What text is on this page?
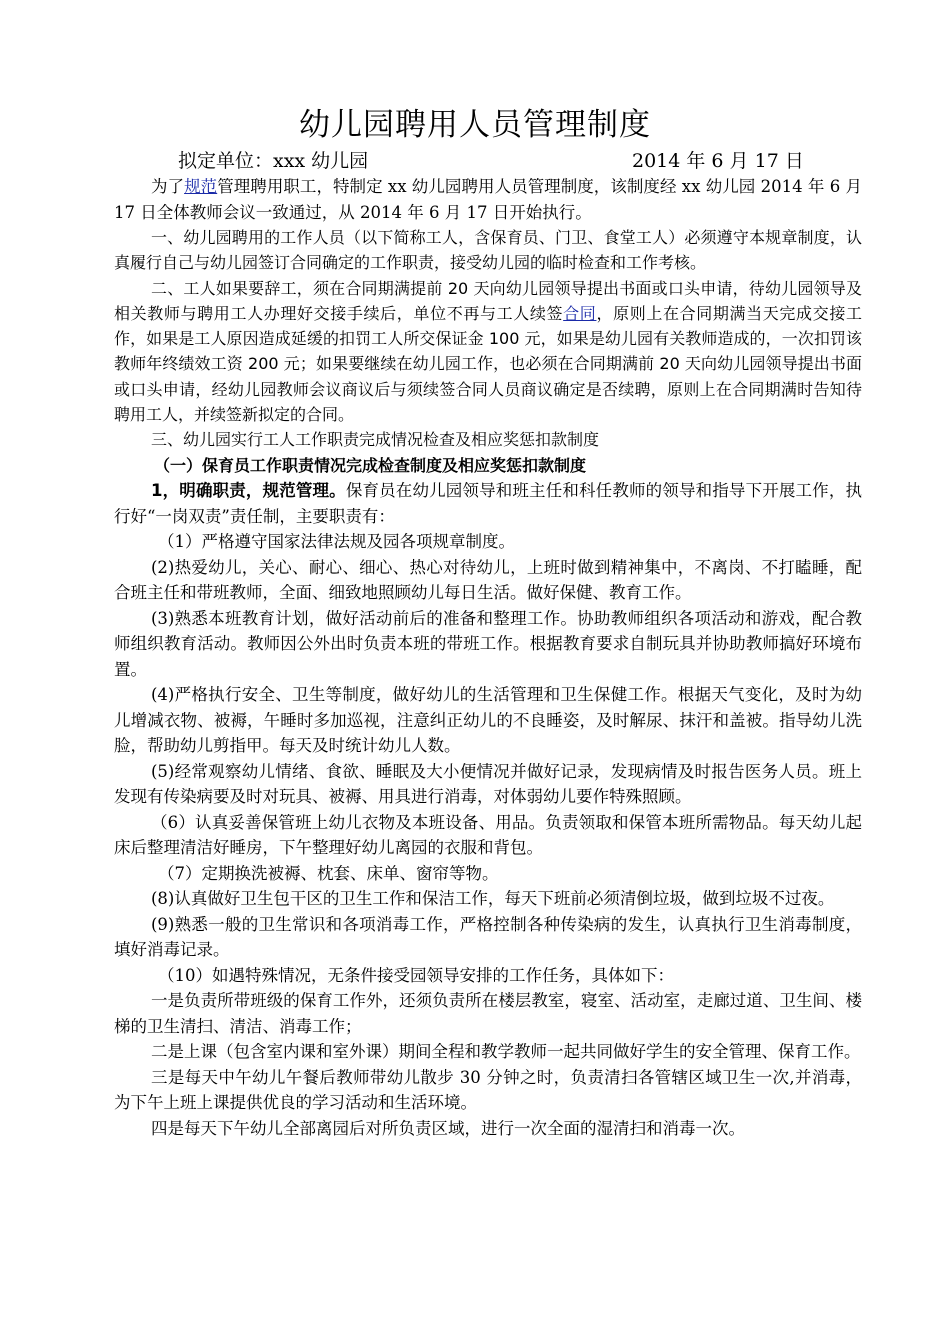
幼儿园聘用人员管理制度
拟定单位：xxx 幼儿园	2014 年 6 月 17 日

为了规范管理聘用职工，特制定 xx 幼儿园聘用人员管理制度，该制度经 xx 幼儿园 2014 年 6 月 17 日全体教师会议一致通过，从 2014 年 6 月 17 日开始执行。

一、幼儿园聘用的工作人员（以下简称工人，含保育员、门卫、食堂工人）必须遵守本规章制度，认真履行自己与幼儿园签订合同确定的工作职责，接受幼儿园的临时检查和工作考核。

二、工人如果要辞工，须在合同期满提前 20 天向幼儿园领导提出书面或口头申请，待幼儿园领导及相关教师与聘用工人办理好交接手续后，单位不再与工人续签合同，原则上在合同期满当天完成交接工作，如果是工人原因造成延缓的扣罚工人所交保证金 100 元，如果是幼儿园有关教师造成的，一次扣罚该教师年终绩效工资 200 元；如果要继续在幼儿园工作，也必须在合同期满前 20 天向幼儿园领导提出书面或口头申请，经幼儿园教师会议商议后与须续签合同人员商议确定是否续聘，原则上在合同期满时告知待聘用工人，并续签新拟定的合同。

三、幼儿园实行工人工作职责完成情况检查及相应奖惩扣款制度

（一）保育员工作职责情况完成检查制度及相应奖惩扣款制度

1，明确职责，规范管理。保育员在幼儿园领导和班主任和科任教师的领导和指导下开展工作，执行好“一岗双责”责任制，主要职责有：

（1）严格遵守国家法律法规及园各项规章制度。

(2)热爱幼儿，关心、耐心、细心、热心对待幼儿，上班时做到精神集中，不离岗、不打瞌睡，配合班主任和带班教师，全面、细致地照顾幼儿每日生活。做好保健、教育工作。

(3)熟悉本班教育计划，做好活动前后的准备和整理工作。协助教师组织各项活动和游戏，配合教师组织教育活动。教师因公外出时负责本班的带班工作。根据教育要求自制玩具并协助教师搞好环境布置。

(4)严格执行安全、卫生等制度，做好幼儿的生活管理和卫生保健工作。根据天气变化，及时为幼儿增减衣物、被褥，午睡时多加巡视，注意纠正幼儿的不良睡姿，及时解尿、抹汗和盖被。指导幼儿洗脸，帮助幼儿剪指甲。每天及时统计幼儿人数。

(5)经常观察幼儿情绪、食欲、睡眠及大小便情况并做好记录，发现病情及时报告医务人员。班上发现有传染病要及时对玩具、被褥、用具进行消毒，对体弱幼儿要作特殊照顾。

（6）认真妥善保管班上幼儿衣物及本班设备、用品。负责领取和保管本班所需物品。每天幼儿起床后整理清洁好睡房，下午整理好幼儿离园的衣服和背包。

（7）定期换洗被褥、枕套、床单、窗帘等物。

(8)认真做好卫生包干区的卫生工作和保洁工作，每天下班前必须清倒垃圾，做到垃圾不过夜。

(9)熟悉一般的卫生常识和各项消毒工作，严格控制各种传染病的发生，认真执行卫生消毒制度，填好消毒记录。

（10）如遇特殊情况，无条件接受园领导安排的工作任务，具体如下：

一是负责所带班级的保育工作外，还须负责所在楼层教室，寝室、活动室，走廊过道、卫生间、楼梯的卫生清扫、清洁、消毒工作；

二是上课（包含室内课和室外课）期间全程和教学教师一起共同做好学生的安全管理、保育工作。

三是每天中午幼儿午餐后教师带幼儿散步 30 分钟之时，负责清扫各管辖区域卫生一次,并消毒，为下午上班上课提供优良的学习活动和生活环境。

四是每天下午幼儿全部离园后对所负责区域，进行一次全面的湿清扫和消毒一次。
